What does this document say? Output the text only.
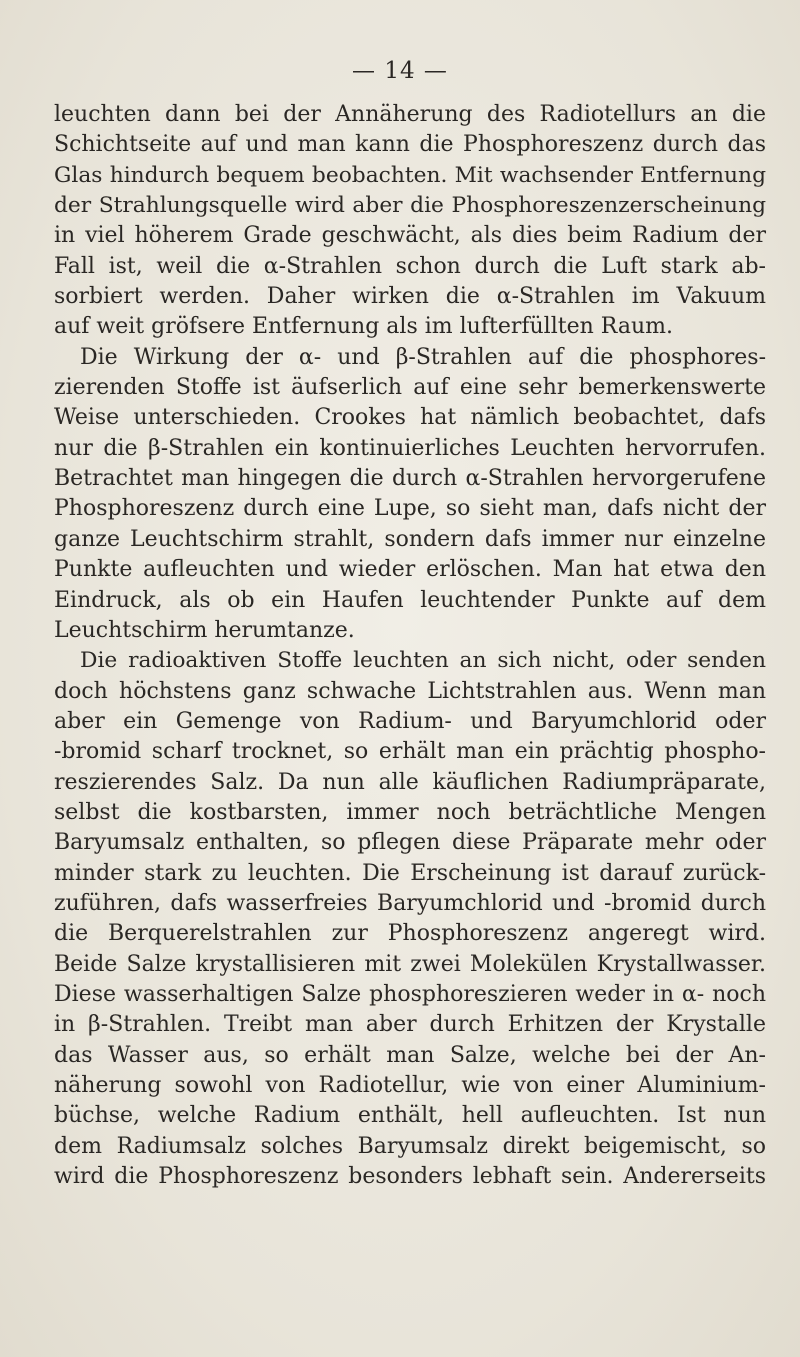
— 14 —
leuchten dann bei der Annäherung des Radiotellurs an die
Schichtseite auf und man kann die Phosphoreszenz durch das
Glas hindurch bequem beobachten. Mit wachsender Entfernung
der Strahlungsquelle wird aber die Phosphoreszenzerscheinung
in viel höherem Grade geschwächt, als dies beim Radium der
Fall ist, weil die α-Strahlen schon durch die Luft stark ab-
sorbiert werden. Daher wirken die α-Strahlen im Vakuum
auf weit gröfsere Entfernung als im lufterfüllten Raum.
Die Wirkung der α- und β-Strahlen auf die phosphores-
zierenden Stoffe ist äufserlich auf eine sehr bemerkenswerte
Weise unterschieden. Crookes hat nämlich beobachtet, dafs
nur die β-Strahlen ein kontinuierliches Leuchten hervorrufen.
Betrachtet man hingegen die durch α-Strahlen hervorgerufene
Phosphoreszenz durch eine Lupe, so sieht man, dafs nicht der
ganze Leuchtschirm strahlt, sondern dafs immer nur einzelne
Punkte aufleuchten und wieder erlöschen. Man hat etwa den
Eindruck, als ob ein Haufen leuchtender Punkte auf dem
Leuchtschirm herumtanze.
Die radioaktiven Stoffe leuchten an sich nicht, oder senden
doch höchstens ganz schwache Lichtstrahlen aus. Wenn man
aber ein Gemenge von Radium- und Baryumchlorid oder
-bromid scharf trocknet, so erhält man ein prächtig phospho-
reszierendes Salz. Da nun alle käuflichen Radiumpräparate,
selbst die kostbarsten, immer noch beträchtliche Mengen
Baryumsalz enthalten, so pflegen diese Präparate mehr oder
minder stark zu leuchten. Die Erscheinung ist darauf zurück-
zuführen, dafs wasserfreies Baryumchlorid und -bromid durch
die Berquerelstrahlen zur Phosphoreszenz angeregt wird.
Beide Salze krystallisieren mit zwei Molekülen Krystallwasser.
Diese wasserhaltigen Salze phosphoreszieren weder in α- noch
in β-Strahlen. Treibt man aber durch Erhitzen der Krystalle
das Wasser aus, so erhält man Salze, welche bei der An-
näherung sowohl von Radiotellur, wie von einer Aluminium-
büchse, welche Radium enthält, hell aufleuchten. Ist nun
dem Radiumsalz solches Baryumsalz direkt beigemischt, so
wird die Phosphoreszenz besonders lebhaft sein. Andererseits
